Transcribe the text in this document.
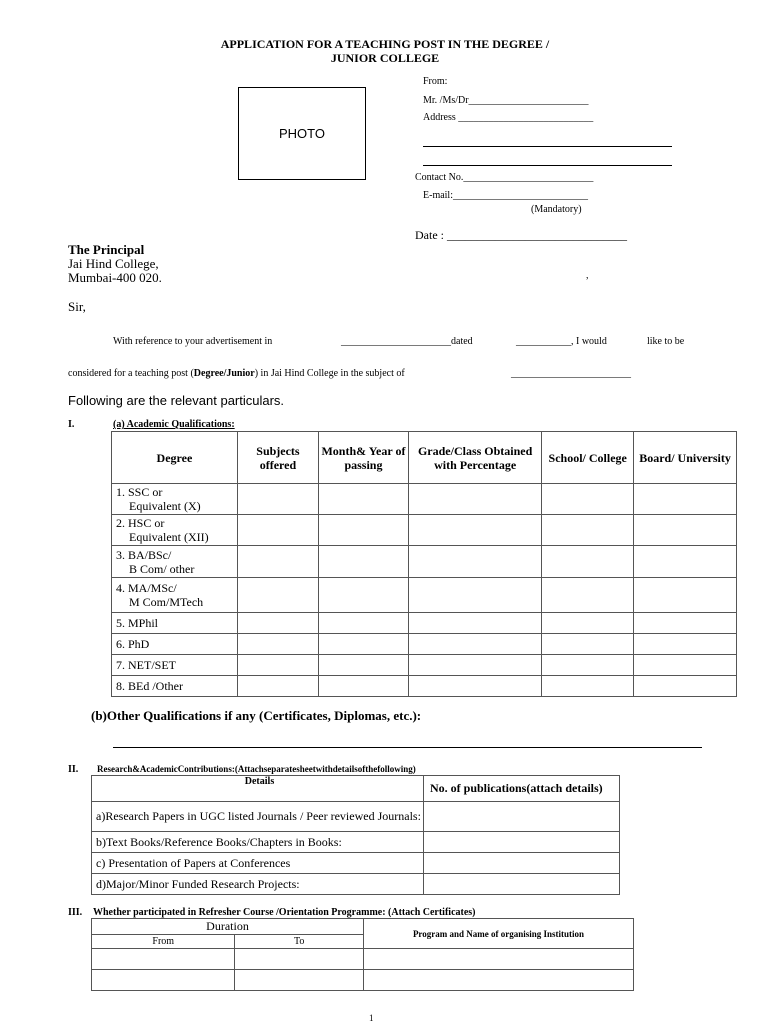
APPLICATION FOR A TEACHING POST IN THE DEGREE /
JUNIOR COLLEGE
PHOTO
From:
Mr. /Ms/Dr________________________
Address ___________________________
Contact No.__________________________
E-mail:___________________________
(Mandatory)
Date : ______________________________
The Principal
Jai Hind College,
Mumbai-400 020.	,
Sir,
With reference to your advertisement in	______________________dated	___________, I would	like to be
considered for a teaching post (Degree/Junior) in Jai Hind College in the subject of	________________________
Following are the relevant particulars.
I.	(a) Academic Qualifications:
Degree	Subjects offered	Month& Year of passing	Grade/Class Obtained with Percentage	School/ College	Board/ University

1. SSC or
Equivalent (X)					

2. HSC or
Equivalent (XII)					

3. BA/BSc/
B Com/ other					

4. MA/MSc/
M Com/MTech					

5. MPhil					
6. PhD					
7. NET/SET					
8. BEd /Other					
(b)Other Qualifications if any (Certificates, Diplomas, etc.):
II. Research&AcademicContributions:(Attachseparatesheetwithdetailsofthefollowing)
Details	No. of publications(attach details)
a)Research Papers in UGC listed Journals / Peer reviewed Journals:	
b)Text Books/Reference Books/Chapters in Books:	
c) Presentation of Papers at Conferences	
d)Major/Minor Funded Research Projects:	
III. Whether participated in Refresher Course /Orientation Programme: (Attach Certificates)
Duration		Program and Name of organising Institution
From	To	

1
